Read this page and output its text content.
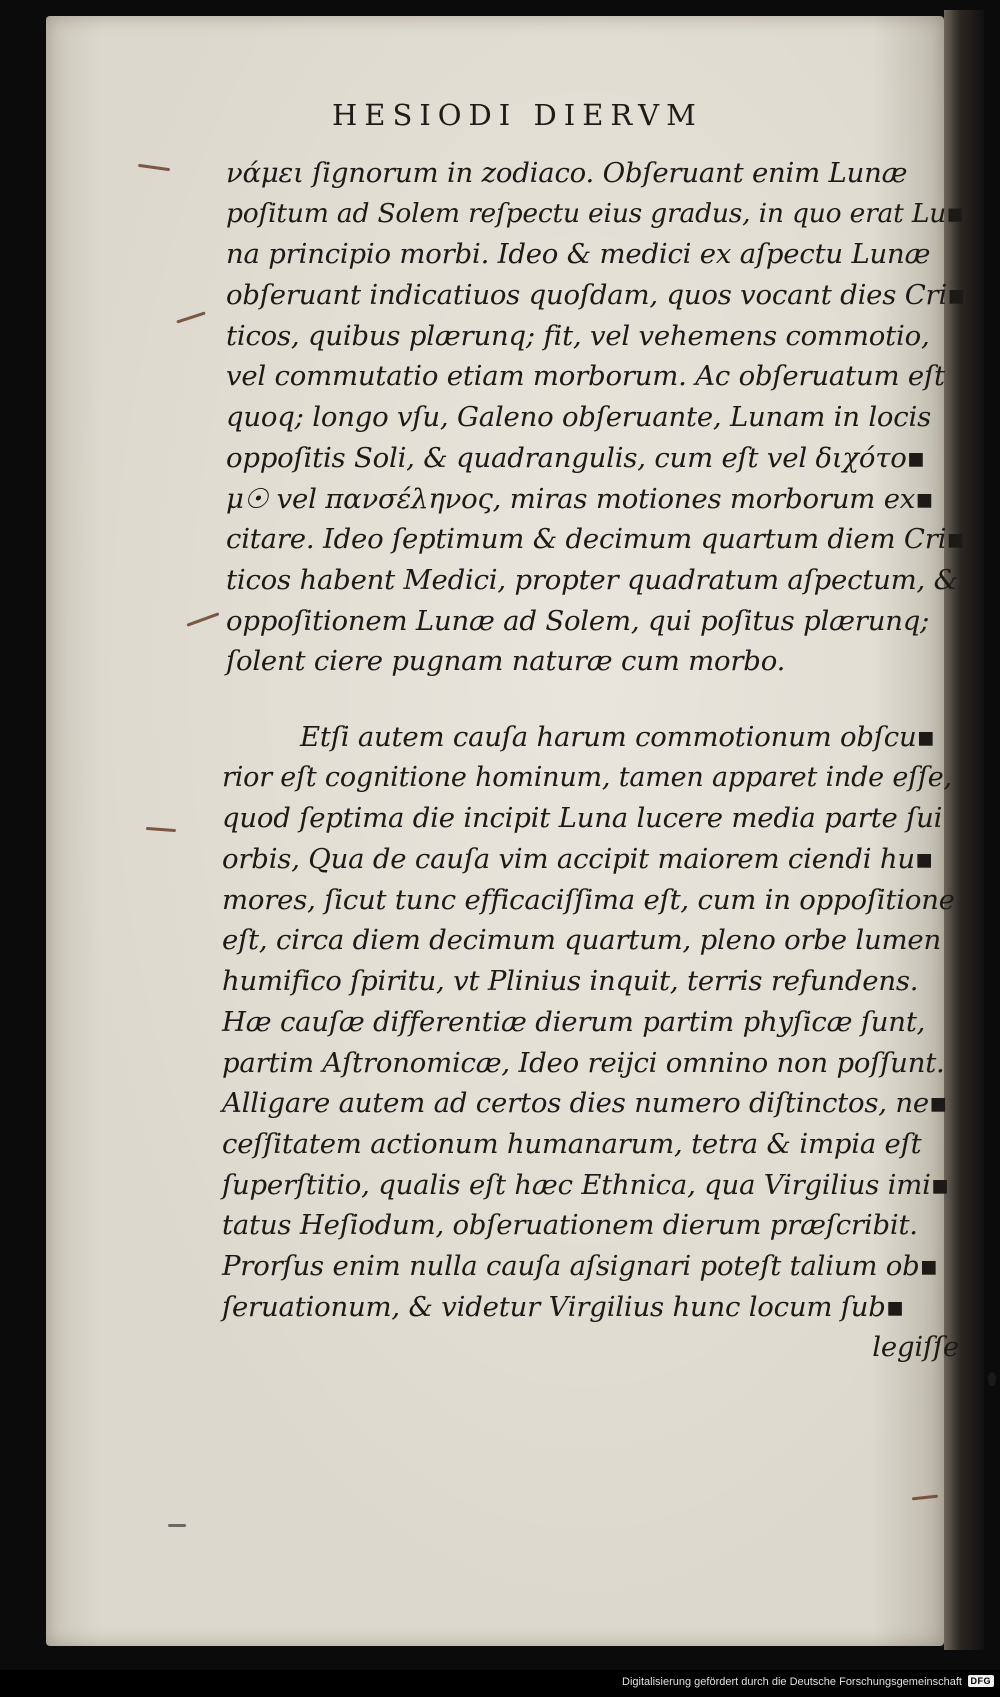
HESIODI DIERVM
νάμει ſignorum in zodiaco. Obſeruant enim Lunæ
poſitum ad Solem reſpectu eius gradus, in quo erat Lu▪
na principio morbi. Ideo & medici ex aſpectu Lunæ
obſeruant indicatiuos quoſdam, quos vocant dies Cri▪
ticos, quibus plærunq; fit, vel vehemens commotio,
vel commutatio etiam morborum. Ac obſeruatum eſt
quoq; longo vſu, Galeno obſeruante, Lunam in locis
oppoſitis Soli, & quadrangulis, cum eſt vel διχότο▪
μ☉ vel πανσέληνος, miras motiones morborum ex▪
citare. Ideo ſeptimum & decimum quartum diem Cri▪
ticos habent Medici, propter quadratum aſpectum, &
oppoſitionem Lunæ ad Solem, qui poſitus plærunq;
ſolent ciere pugnam naturæ cum morbo.
Etſi autem cauſa harum commotionum obſcu▪
rior eſt cognitione hominum, tamen apparet inde eſſe,
quod ſeptima die incipit Luna lucere media parte ſui
orbis, Qua de cauſa vim accipit maiorem ciendi hu▪
mores, ſicut tunc efficaciſſima eſt, cum in oppoſitione
eſt, circa diem decimum quartum, pleno orbe lumen
humifico ſpiritu, vt Plinius inquit, terris refundens.
Hæ cauſæ differentiæ dierum partim phyſicæ ſunt,
partim Aſtronomicæ, Ideo reijci omnino non poſſunt.
Alligare autem ad certos dies numero diſtinctos, ne▪
ceſſitatem actionum humanarum, tetra & impia eſt
ſuperſtitio, qualis eſt hæc Ethnica, qua Virgilius imi▪
tatus Heſiodum, obſeruationem dierum præſcribit.
Prorſus enim nulla cauſa aſsignari poteſt talium ob▪
ſeruationum, & videtur Virgilius hunc locum ſub▪
legiſſe
Digitalisierung gefördert durch die Deutsche Forschungsgemeinschaft DFG
